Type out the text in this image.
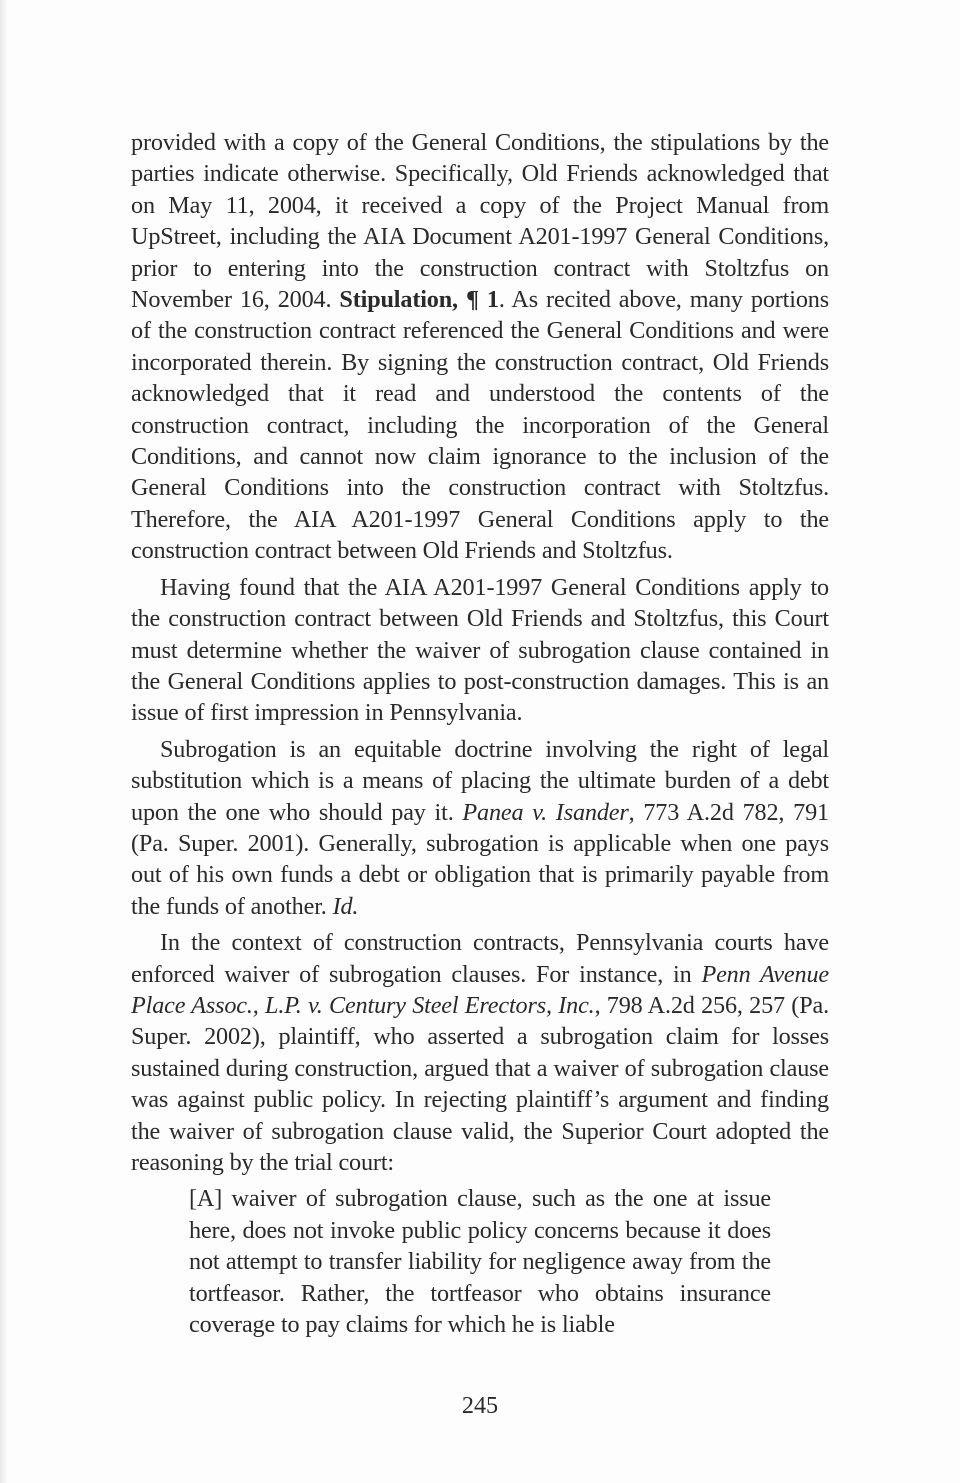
provided with a copy of the General Conditions, the stipulations by the parties indicate otherwise. Specifically, Old Friends acknowledged that on May 11, 2004, it received a copy of the Project Manual from UpStreet, including the AIA Document A201-1997 General Conditions, prior to entering into the construction contract with Stoltzfus on November 16, 2004. Stipulation, ¶ 1. As recited above, many portions of the construction contract referenced the General Conditions and were incorporated therein. By signing the construction contract, Old Friends acknowledged that it read and understood the contents of the construction contract, including the incorporation of the General Conditions, and cannot now claim ignorance to the inclusion of the General Conditions into the construction contract with Stoltzfus. Therefore, the AIA A201-1997 General Conditions apply to the construction contract between Old Friends and Stoltzfus.

Having found that the AIA A201-1997 General Conditions apply to the construction contract between Old Friends and Stoltzfus, this Court must determine whether the waiver of subrogation clause contained in the General Conditions applies to post-construction damages. This is an issue of first impression in Pennsylvania.

Subrogation is an equitable doctrine involving the right of legal substitution which is a means of placing the ultimate burden of a debt upon the one who should pay it. Panea v. Isander, 773 A.2d 782, 791 (Pa. Super. 2001). Generally, subrogation is applicable when one pays out of his own funds a debt or obligation that is primarily payable from the funds of another. Id.

In the context of construction contracts, Pennsylvania courts have enforced waiver of subrogation clauses. For instance, in Penn Avenue Place Assoc., L.P. v. Century Steel Erectors, Inc., 798 A.2d 256, 257 (Pa. Super. 2002), plaintiff, who asserted a subrogation claim for losses sustained during construction, argued that a waiver of subrogation clause was against public policy. In rejecting plaintiff’s argument and finding the waiver of subrogation clause valid, the Superior Court adopted the reasoning by the trial court:

[A] waiver of subrogation clause, such as the one at issue here, does not invoke public policy concerns because it does not attempt to transfer liability for negligence away from the tortfeasor. Rather, the tortfeasor who obtains insurance coverage to pay claims for which he is liable

245
